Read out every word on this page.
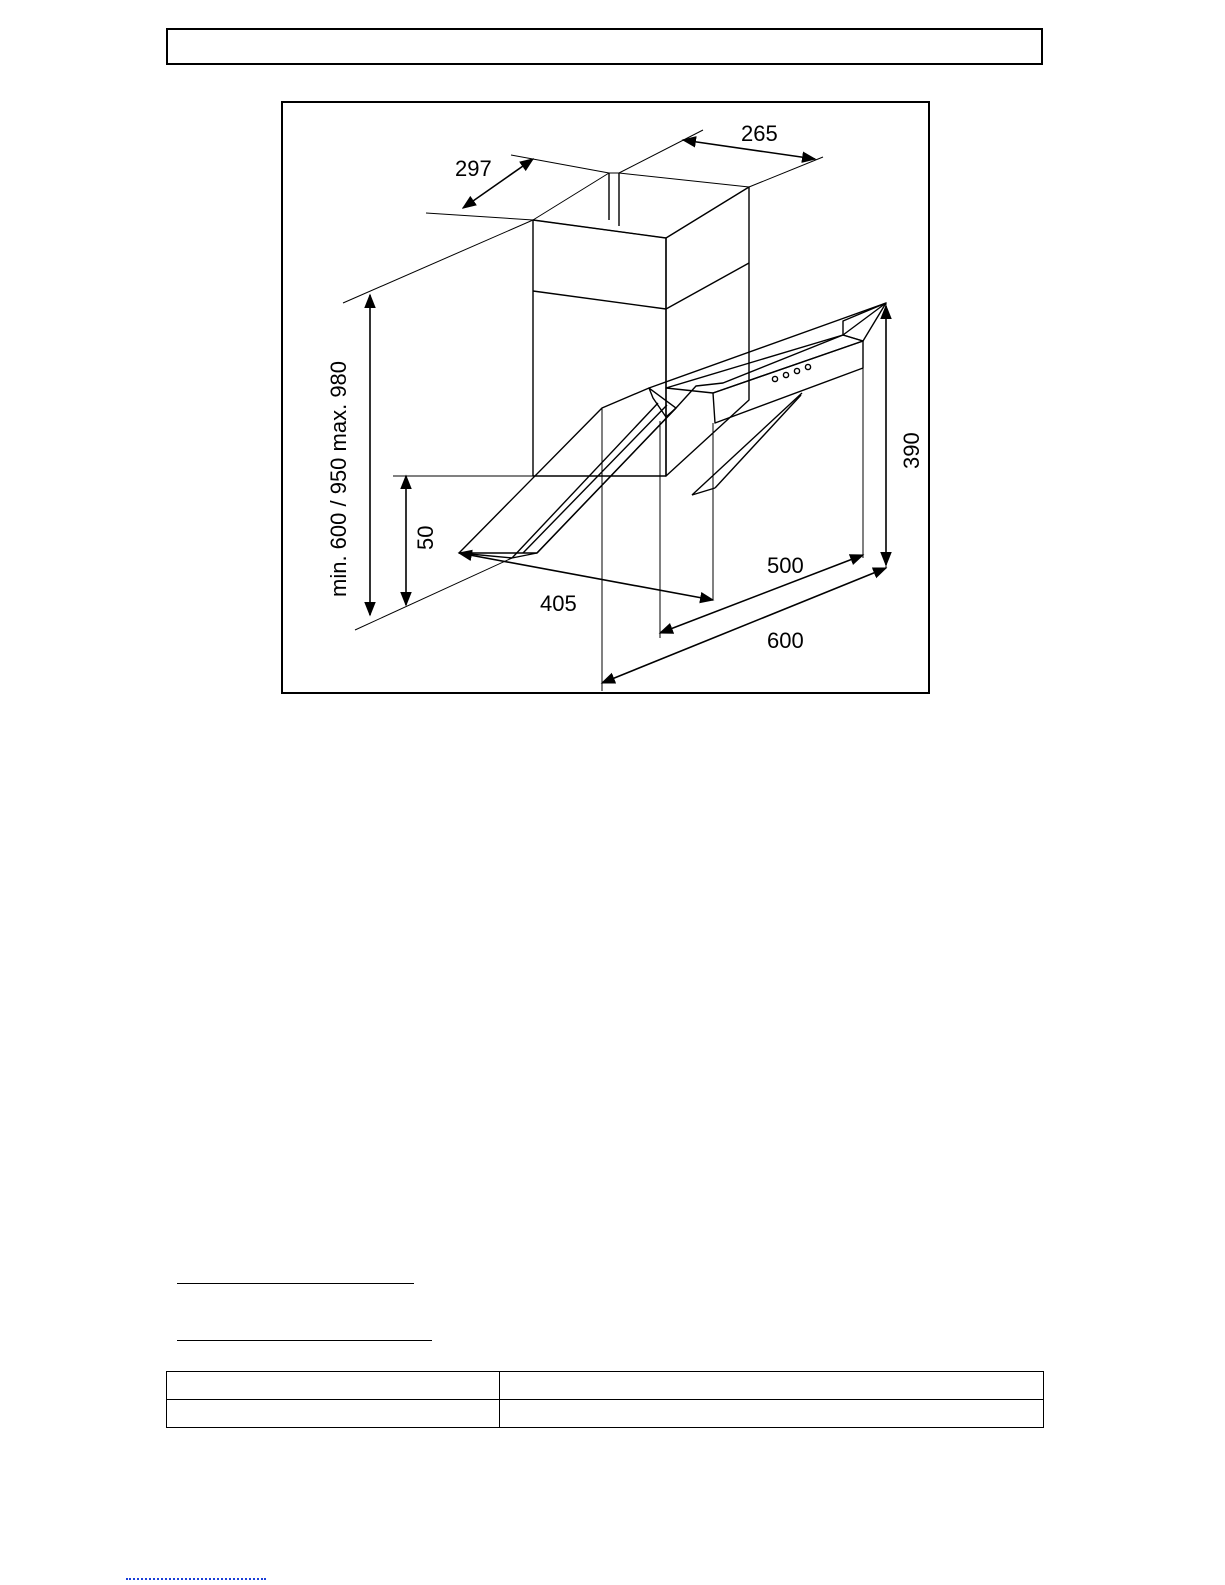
297
265
min. 600 / 950 max. 980	50
405
390
500
600
